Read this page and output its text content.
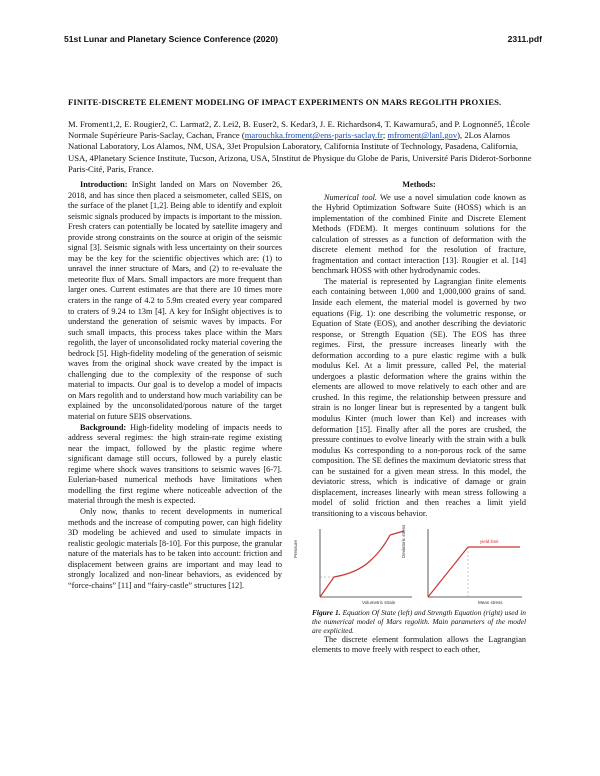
51st Lunar and Planetary Science Conference (2020)	2311.pdf
FINITE-DISCRETE ELEMENT MODELING OF IMPACT EXPERIMENTS ON MARS REGOLITH PROXIES.
M. Froment1,2, E. Rougier2, C. Larmat2, Z. Lei2, B. Euser2, S. Kedar3, J. E. Richardson4, T. Kawamura5, and P. Lognonné5, 1École Normale Supérieure Paris-Saclay, Cachan, France (marouchka.froment@ens-paris-saclay.fr; mfroment@lanl.gov), 2Los Alamos National Laboratory, Los Alamos, NM, USA, 3Jet Propulsion Laboratory, California Institute of Technology, Pasadena, California, USA, 4Planetary Science Institute, Tucson, Arizona, USA, 5Institut de Physique du Globe de Paris, Université Paris Diderot-Sorbonne Paris-Cité, Paris, France.

Introduction: InSight landed on Mars on November 26, 2018, and has since then placed a seismometer, called SEIS, on the surface of the planet [1,2]. Being able to identify and exploit seismic signals produced by impacts is important to the mission. Fresh craters can potentially be located by satellite imagery and provide strong constraints on the source at origin of the seismic signal [3]. Seismic signals with less uncertainty on their sources may be the key for the scientific objectives which are: (1) to unravel the inner structure of Mars, and (2) to re-evaluate the meteorite flux of Mars. Small impactors are more frequent than larger ones. Current estimates are that there are 10 times more craters in the range of 4.2 to 5.9m created every year compared to craters of 9.24 to 13m [4]. A key for InSight objectives is to understand the generation of seismic waves by impacts. For such small impacts, this process takes place within the Mars regolith, the layer of unconsolidated rocky material covering the bedrock [5]. High-fidelity modeling of the generation of seismic waves from the original shock wave created by the impact is challenging due to the complexity of the response of such material to impacts. Our goal is to develop a model of impacts on Mars regolith and to understand how much variability can be explained by the unconsolidated/porous nature of the target material on future SEIS observations.

Background: High-fidelity modeling of impacts needs to address several regimes: the high strain-rate regime existing near the impact, followed by the plastic regime where significant damage still occurs, followed by a purely elastic regime where shock waves transitions to seismic waves [6-7]. Eulerian-based numerical methods have limitations when modelling the first regime where noticeable advection of the material through the mesh is expected.

Only now, thanks to recent developments in numerical methods and the increase of computing power, can high fidelity 3D modeling be achieved and used to simulate impacts in realistic geologic materials [8-10]. For this purpose, the granular nature of the materials has to be taken into account: friction and displacement between grains are important and may lead to strongly localized and non-linear behaviors, as evidenced by “force-chains” [11] and “fairy-castle” structures [12].

Methods:

Numerical tool. We use a novel simulation code known as the Hybrid Optimization Software Suite (HOSS) which is an implementation of the combined Finite and Discrete Element Methods (FDEM). It merges continuum solutions for the calculation of stresses as a function of deformation with the discrete element method for the resolution of fracture, fragmentation and contact interaction [13]. Rougier et al. [14] benchmark HOSS with other hydrodynamic codes.

The material is represented by Lagrangian finite elements each containing between 1,000 and 1,000,000 grains of sand. Inside each element, the material model is governed by two equations (Fig. 1): one describing the volumetric response, or Equation of State (EOS), and another describing the deviatoric response, or Strength Equation (SE). The EOS has three regimes. First, the pressure increases linearly with the deformation according to a pure elastic regime with a bulk modulus Kel. At a limit pressure, called Pel, the material undergoes a plastic deformation where the grains within the elements are allowed to move relatively to each other and are crushed. In this regime, the relationship between pressure and strain is no longer linear but is represented by a tangent bulk modulus Kinter (much lower than Kel) and increases with deformation [15]. Finally after all the pores are crushed, the pressure continues to evolve linearly with the strain with a bulk modulus Ks corresponding to a non-porous rock of the same composition. The SE defines the maximum deviatoric stress that can be sustained for a given mean stress. In this model, the deviatoric stress, which is indicative of damage or grain displacement, increases linearly with mean stress following a model of solid friction and then reaches a limit yield transitioning to a viscous behavior.

Pressure
Volumetric strain
yield limit
Deviatoric stress
Mean stress

Figure 1. Equation Of State (left) and Strength Equation (right) used in the numerical model of Mars regolith. Main parameters of the model are explicited.

The discrete element formulation allows the Lagrangian elements to move freely with respect to each other,
